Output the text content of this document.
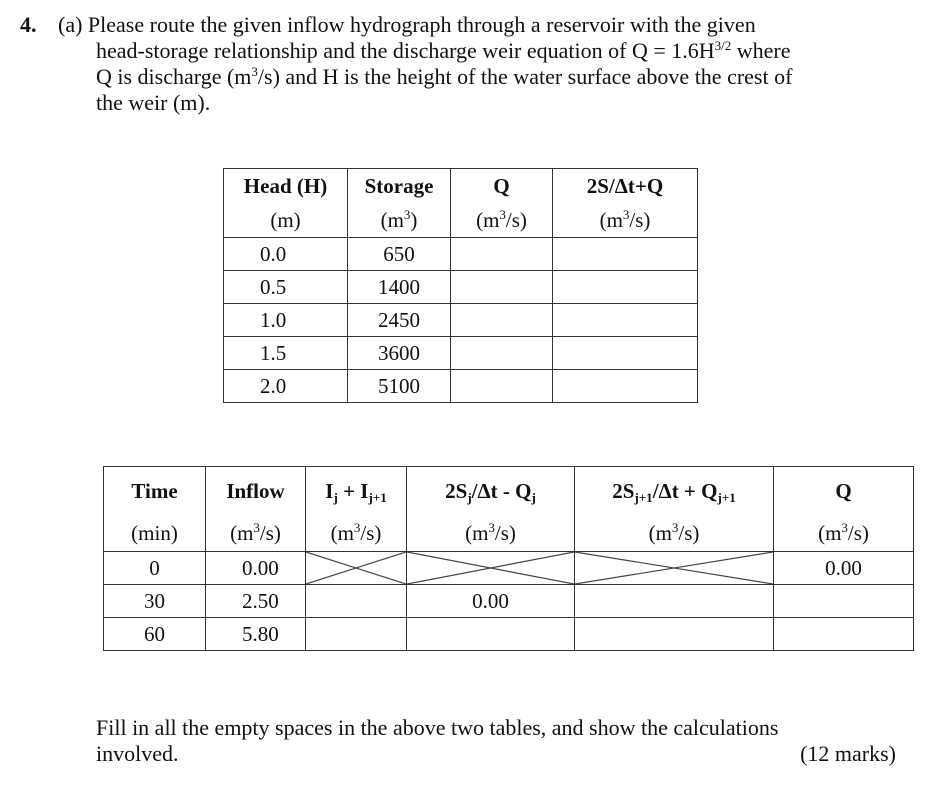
4. (a) Please route the given inflow hydrograph through a reservoir with the given
head-storage relationship and the discharge weir equation of $Q = 1.6H^{3/2}$ where
Q is discharge $(m^3/s)$ and H is the height of the water surface above the crest of
the weir (m).
Head (H)	Storage	Q	2S/Δt+Q
(m)	$(m^3)$	$(m^3/s)$	$(m^3/s)$
0.0	650		
0.5	1400		
1.0	2450		
1.5	3600		
2.0	5100		
Time	Inflow	$I_j + I_{j+1}$	$2S_j/\Delta t - Q_j$	$2S_{j+1}/\Delta t + Q_{j+1}$	Q
(min)	$(m^3/s)$	$(m^3/s)$	$(m^3/s)$	$(m^3/s)$	$(m^3/s)$
0	0.00				0.00
30	2.50		0.00		
60	5.80				
Fill in all the empty spaces in the above two tables, and show the calculations
involved.	(12 marks)
